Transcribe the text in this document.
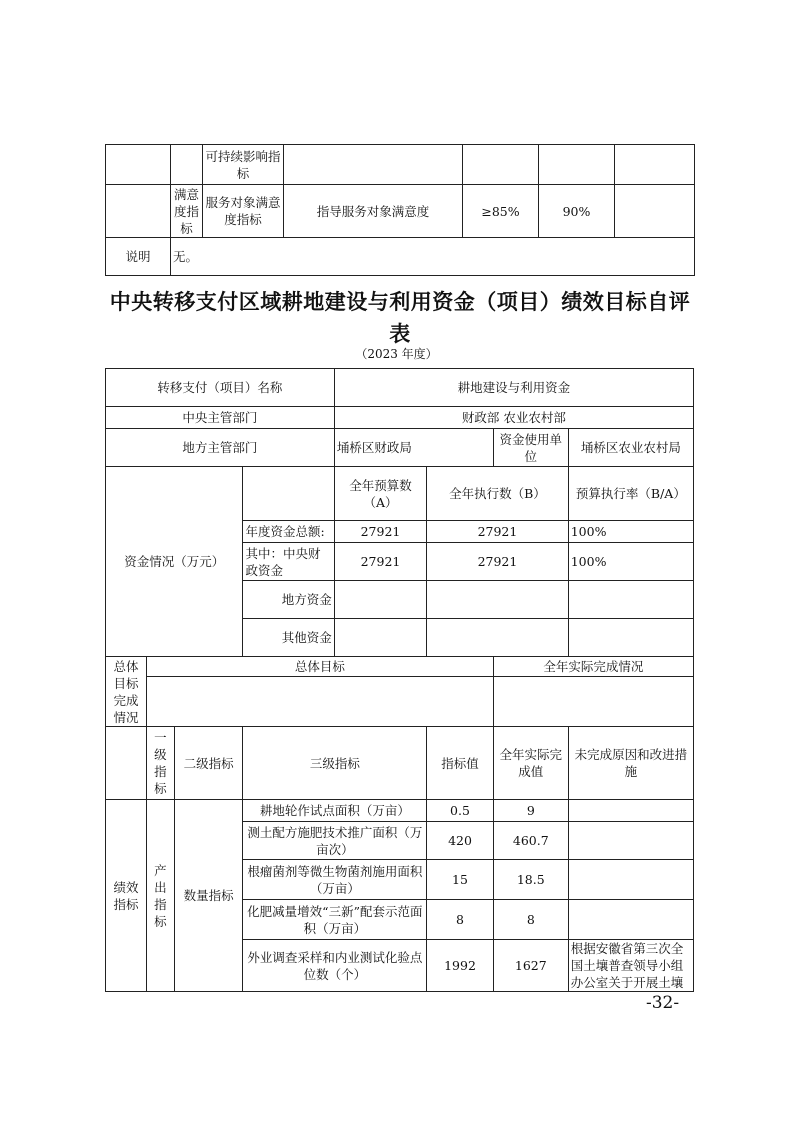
		可持续影响指标				
	满意度指标	服务对象满意度指标	指导服务对象满意度	≥85%	90%	
说明	无。					
中央转移支付区域耕地建设与利用资金（项目）绩效目标自评表
（2023 年度）
转移支付（项目）名称				耕地建设与利用资金			
中央主管部门				财政部 农业农村部			
地方主管部门				埇桥区财政局		资金使用单位	埇桥区农业农村局
资金情况（万元）				全年预算数（A）	全年执行数（B）		预算执行率（B/A）
			年度资金总额:	27921	27921		100%
			其中：中央财政资金	27921	27921		100%
			地方资金				
			其他资金				
总体目标完成情况	总体目标					全年实际完成情况	

	一级指标	二级指标	三级指标		指标值	全年实际完成值	未完成原因和改进措施
绩效指标	产出指标	数量指标	耕地轮作试点面积（万亩）		0.5	9	
			测土配方施肥技术推广面积（万亩次）		420	460.7	
			根瘤菌剂等微生物菌剂施用面积（万亩）		15	18.5	
			化肥减量增效“三新”配套示范面积（万亩）		8	8	
			外业调查采样和内业测试化验点位数（个）		1992	1627	根据安徽省第三次全国土壤普查领导小组办公室关于开展土壤
-32-
